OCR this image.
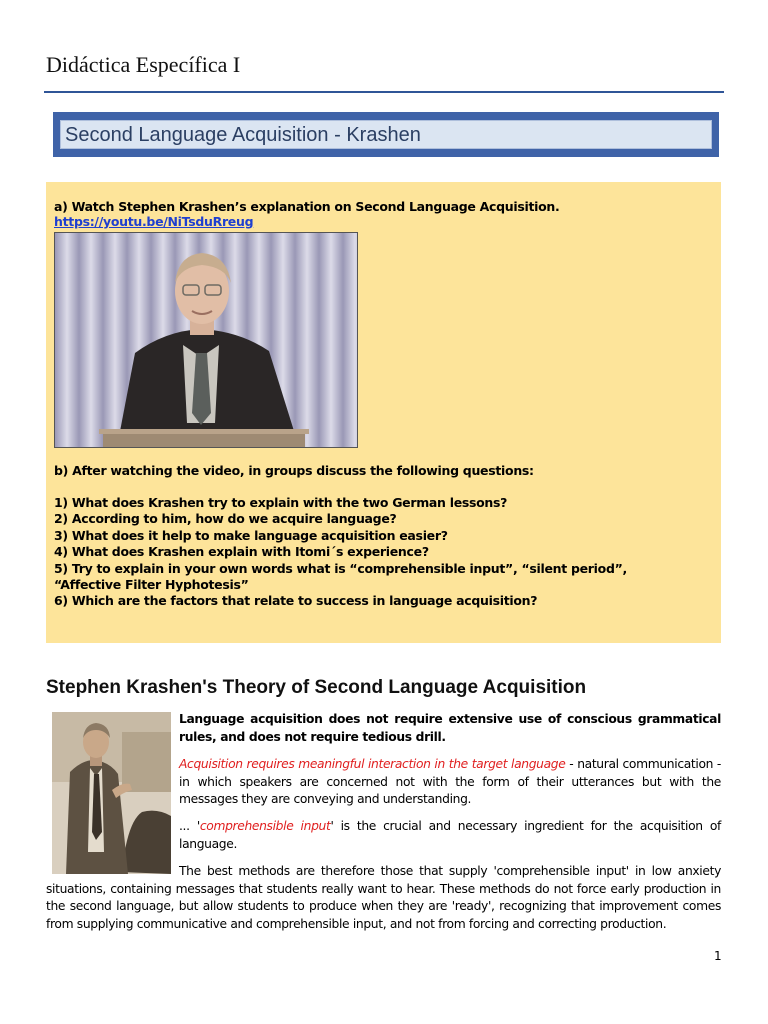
Didáctica Específica I
Second Language Acquisition - Krashen
a) Watch Stephen Krashen’s explanation on Second Language Acquisition. https://youtu.be/NiTsduRreug
b) After watching the video, in groups discuss the following questions:
1) What does Krashen try to explain with the two German lessons?
2) According to him, how do we acquire language?
3) What does it help to make language acquisition easier?
4) What does Krashen explain with Itomi´s experience?
5) Try to explain in your own words what is “comprehensible input”, “silent period”, “Affective Filter Hyphotesis”
6) Which are the factors that relate to success in language acquisition?
Stephen Krashen's Theory of Second Language Acquisition

Language acquisition does not require extensive use of conscious grammatical rules, and does not require tedious drill.

Acquisition requires meaningful interaction in the target language - natural communication - in which speakers are concerned not with the form of their utterances but with the messages they are conveying and understanding.

... 'comprehensible input' is the crucial and necessary ingredient for the acquisition of language.

The best methods are therefore those that supply 'comprehensible input' in low anxiety situations, containing messages that students really want to hear. These methods do not force early production in the second language, but allow students to produce when they are 'ready', recognizing that improvement comes from supplying communicative and comprehensible input, and not from forcing and correcting production.

1
